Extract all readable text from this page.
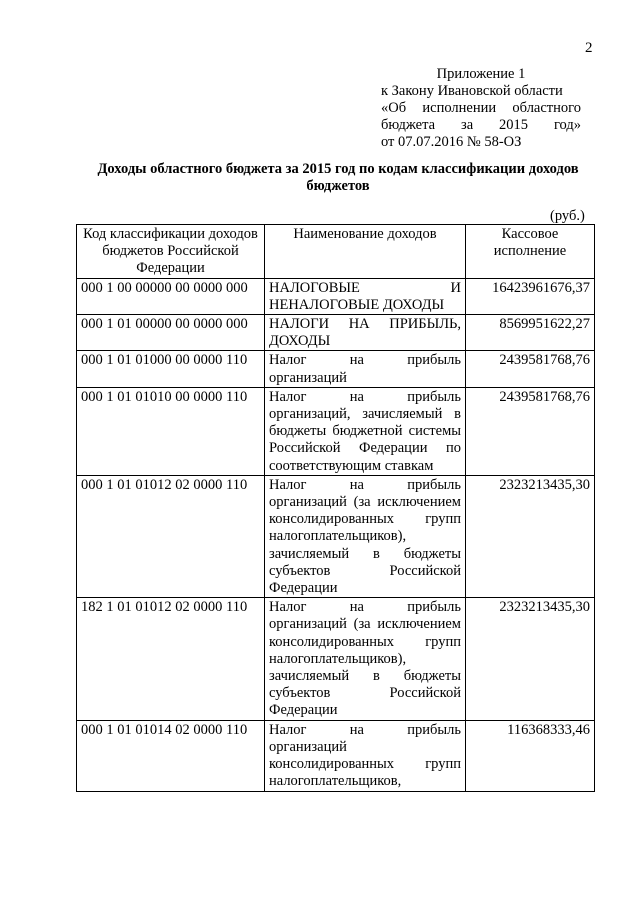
2
Приложение 1
к Закону Ивановской области
«Об исполнении областного
бюджета за 2015 год»
от 07.07.2016 № 58-ОЗ
Доходы областного бюджета за 2015 год по кодам классификации доходов бюджетов
(руб.)
Код классификации доходов бюджетов Российской Федерации	Наименование доходов	Кассовое исполнение
000 1 00 00000 00 0000 000	НАЛОГОВЫЕ И НЕНАЛОГОВЫЕ ДОХОДЫ	16423961676,37
000 1 01 00000 00 0000 000	НАЛОГИ НА ПРИБЫЛЬ, ДОХОДЫ	8569951622,27
000 1 01 01000 00 0000 110	Налог на прибыль организаций	2439581768,76
000 1 01 01010 00 0000 110	Налог на прибыль организаций, зачисляемый в бюджеты бюджетной системы Российской Федерации по соответствующим ставкам	2439581768,76
000 1 01 01012 02 0000 110	Налог на прибыль организаций (за исключением консолидированных групп налогоплательщиков), зачисляемый в бюджеты субъектов Российской Федерации	2323213435,30
182 1 01 01012 02 0000 110	Налог на прибыль организаций (за исключением консолидированных групп налогоплательщиков), зачисляемый в бюджеты субъектов Российской Федерации	2323213435,30
000 1 01 01014 02 0000 110	Налог на прибыль организаций консолидированных групп налогоплательщиков,	116368333,46
